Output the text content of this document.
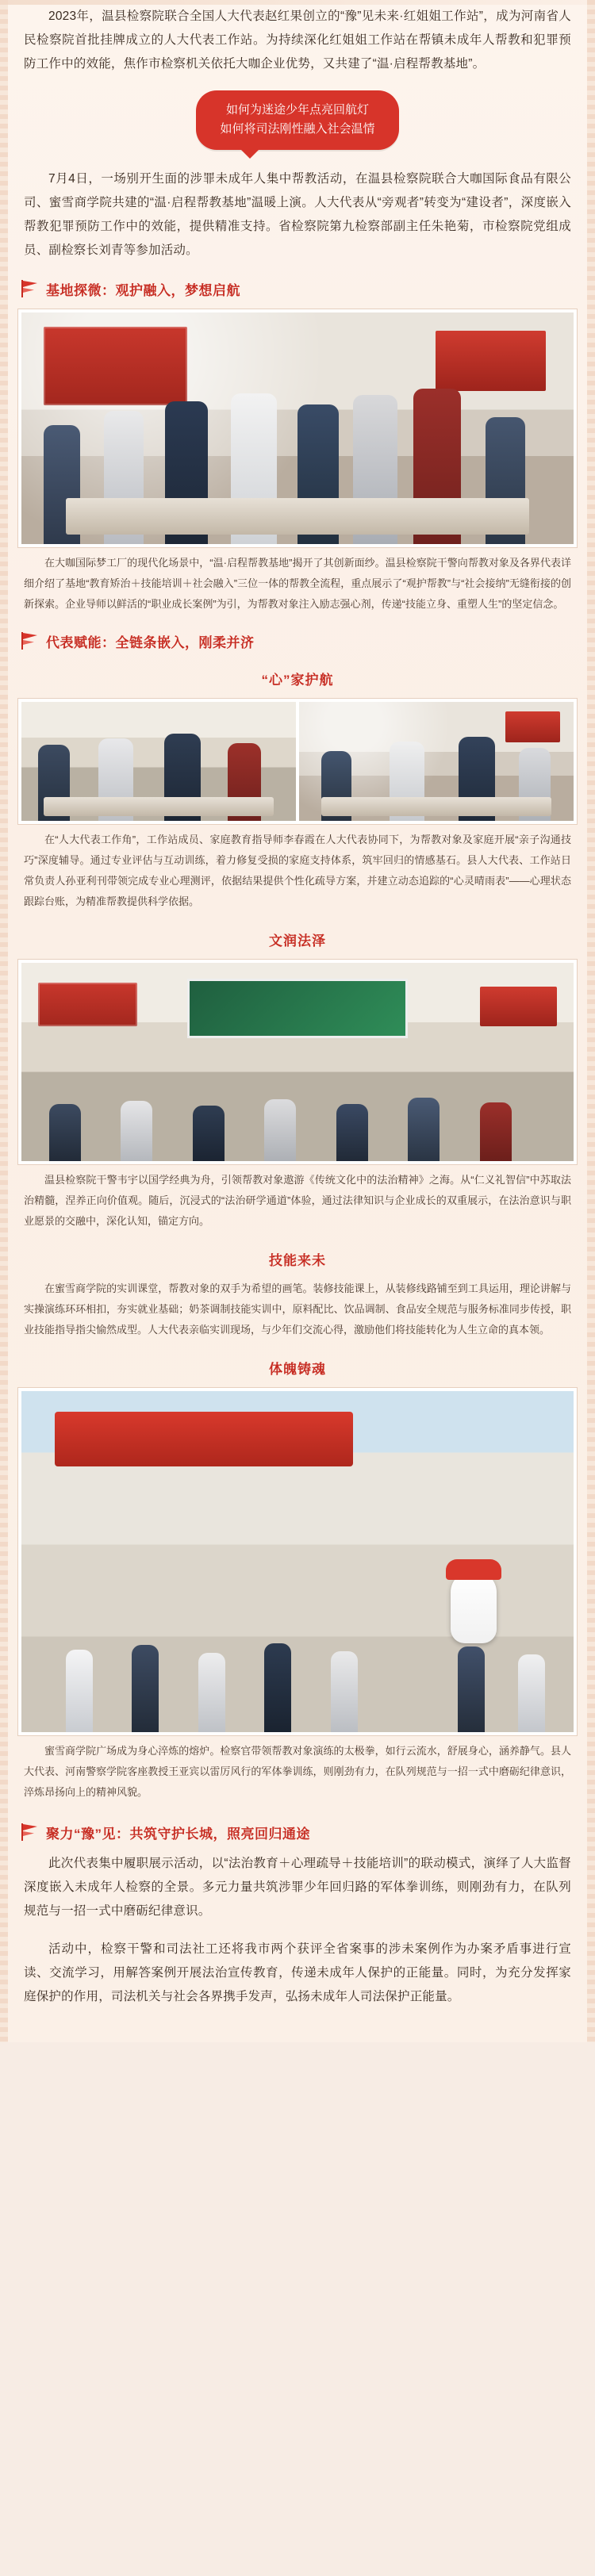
2023年，温县检察院联合全国人大代表赵红果创立的“豫”见未来·红姐姐工作站”，成为河南省人民检察院首批挂牌成立的人大代表工作站。为持续深化红姐姐工作站在帮镇未成年人帮教和犯罪预防工作中的效能，焦作市检察机关依托大咖企业优势，又共建了“温·启程帮教基地”。

如何为迷途少年点亮回航灯
如何将司法刚性融入社会温情

7月4日，一场别开生面的涉罪未成年人集中帮教活动，在温县检察院联合大咖国际食品有限公司、蜜雪商学院共建的“温·启程帮教基地”温暖上演。人大代表从“旁观者”转变为“建设者”，深度嵌入帮教犯罪预防工作中的效能，提供精准支持。省检察院第九检察部副主任朱艳菊，市检察院党组成员、副检察长刘青等参加活动。

基地探微：观护融入，梦想启航

在大咖国际梦工厂的现代化场景中，“温·启程帮教基地”揭开了其创新面纱。温县检察院干警向帮教对象及各界代表详细介绍了基地“教育矫治＋技能培训＋社会融入”三位一体的帮教全流程，重点展示了“观护帮教”与“社会接纳”无缝衔接的创新探索。企业导师以鲜活的“职业成长案例”为引，为帮教对象注入励志强心剂，传递“技能立身、重塑人生”的坚定信念。

代表赋能：全链条嵌入，刚柔并济
“心”家护航

在“人大代表工作角”，工作站成员、家庭教育指导师李春霞在人大代表协同下，为帮教对象及家庭开展“亲子沟通技巧”深度辅导。通过专业评估与互动训练，着力修复受损的家庭支持体系，筑牢回归的情感基石。县人大代表、工作站日常负责人孙亚利刊带领完成专业心理测评，依据结果提供个性化疏导方案，并建立动态追踪的“心灵晴雨表”——心理状态跟踪台账，为精准帮教提供科学依据。

文润法泽

温县检察院干警韦宇以国学经典为舟，引领帮教对象遨游《传统文化中的法治精神》之海。从“仁义礼智信”中苏取法治精髓，涅养正向价值观。随后，沉浸式的“法治研学通道”体验，通过法律知识与企业成长的双重展示，在法治意识与职业愿景的交融中，深化认知，锚定方向。

技能来未

在蜜雪商学院的实训课堂，帮教对象的双手为希望的画笔。装修技能课上，从装修线路铺至到工具运用，理论讲解与实操演练环环相扣，夯实就业基础；奶茶调制技能实训中，原料配比、饮品调制、食品安全规范与服务标准同步传授，职业技能指导指尖愉然成型。人大代表亲临实训现场，与少年们交流心得，激励他们将技能转化为人生立命的真本领。

体魄铸魂

蜜雪商学院广场成为身心淬炼的熔炉。检察官带领帮教对象演练的太极拳，如行云流水，舒展身心，涵养静气。县人大代表、河南警察学院客座教授王亚宾以雷厉风行的军体拳训练，则刚劲有力，在队列规范与一招一式中磨砺纪律意识，淬炼昂扬向上的精神风貌。

聚力“豫”见：共筑守护长城，照亮回归通途

此次代表集中履职展示活动，以“法治教育＋心理疏导＋技能培训”的联动模式，演绎了人大监督深度嵌入未成年人检察的全景。多元力量共筑涉罪少年回归路的军体拳训练，则刚劲有力，在队列规范与一招一式中磨砺纪律意识。

活动中，检察干警和司法社工还将我市两个获评全省案事的涉未案例作为办案矛盾事进行宣读、交流学习，用解答案例开展法治宣传教育，传递未成年人保护的正能量。同时，为充分发挥家庭保护的作用，司法机关与社会各界携手发声，弘扬未成年人司法保护正能量。
